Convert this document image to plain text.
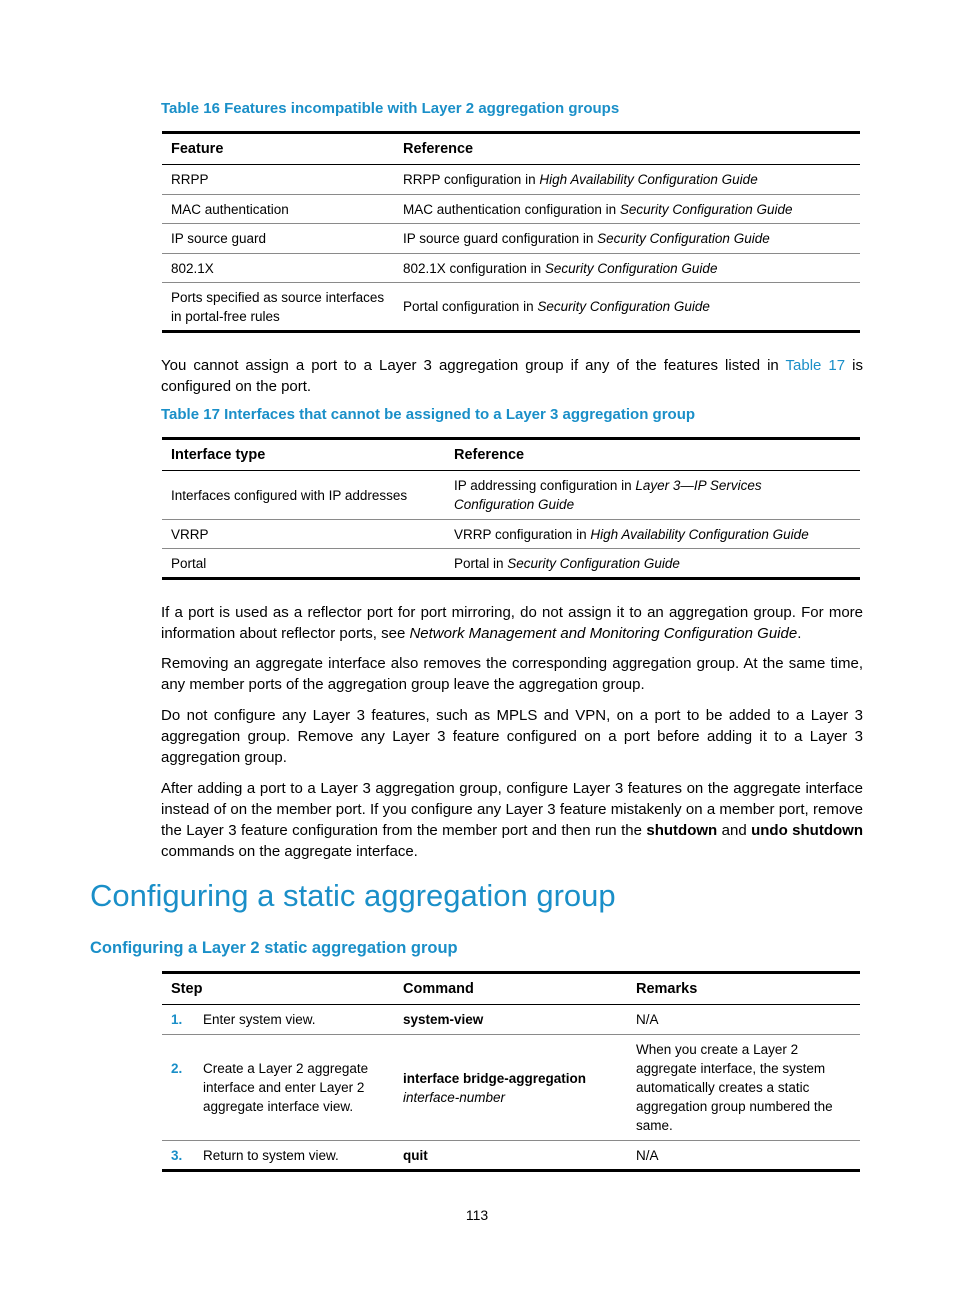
Table 16 Features incompatible with Layer 2 aggregation groups

Feature	Reference
RRPP	RRPP configuration in High Availability Configuration Guide
MAC authentication	MAC authentication configuration in Security Configuration Guide
IP source guard	IP source guard configuration in Security Configuration Guide
802.1X	802.1X configuration in Security Configuration Guide
Ports specified as source interfaces
in portal-free rules	Portal configuration in Security Configuration Guide

You cannot assign a port to a Layer 3 aggregation group if any of the features listed in Table 17 is configured on the port.

Table 17 Interfaces that cannot be assigned to a Layer 3 aggregation group

Interface type	Reference
Interfaces configured with IP addresses	IP addressing configuration in Layer 3—IP Services
Configuration Guide
VRRP	VRRP configuration in High Availability Configuration Guide
Portal	Portal in Security Configuration Guide

If a port is used as a reflector port for port mirroring, do not assign it to an aggregation group. For more information about reflector ports, see Network Management and Monitoring Configuration Guide.

Removing an aggregate interface also removes the corresponding aggregation group. At the same time, any member ports of the aggregation group leave the aggregation group.

Do not configure any Layer 3 features, such as MPLS and VPN, on a port to be added to a Layer 3 aggregation group. Remove any Layer 3 feature configured on a port before adding it to a Layer 3 aggregation group.

After adding a port to a Layer 3 aggregation group, configure Layer 3 features on the aggregate interface instead of on the member port. If you configure any Layer 3 feature mistakenly on a member port, remove the Layer 3 feature configuration from the member port and then run the shutdown and undo shutdown commands on the aggregate interface.

Configuring a static aggregation group
Configuring a Layer 2 static aggregation group
Step	Command	Remarks
1. Enter system view.	system-view	N/A

2. Create a Layer 2 aggregate
interface and enter Layer 2
aggregate interface view.	interface bridge-aggregation
interface-number	When you create a Layer 2
aggregate interface, the system
automatically creates a static
aggregation group numbered the
same.
3. Return to system view.	quit	N/A

113
